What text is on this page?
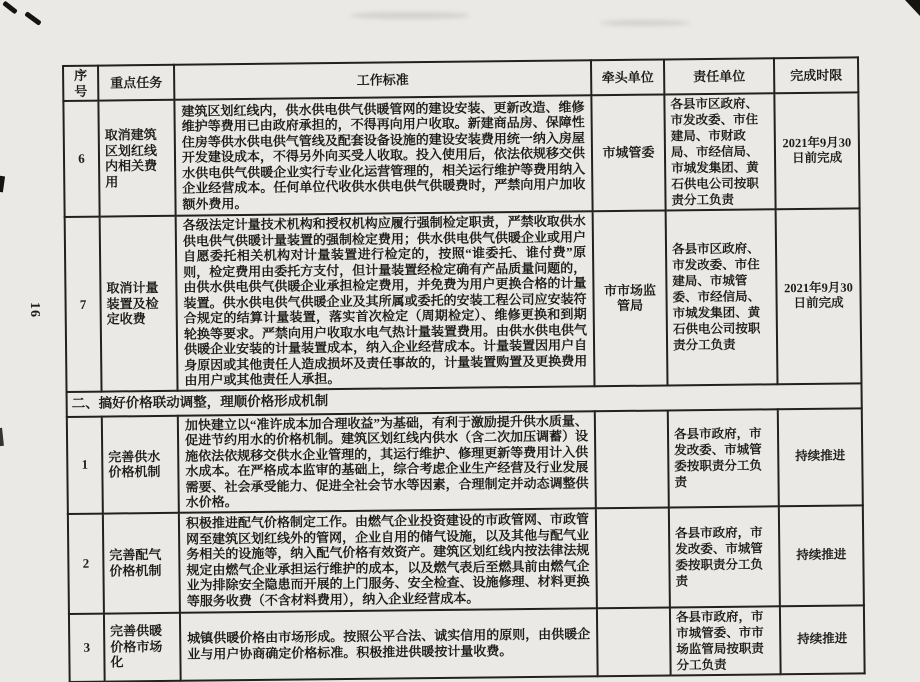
16
序号	重点任务	工作标准	牵头单位	责任单位	完成时限
6	取消建筑区划红线内相关费用	建筑区划红线内，供水供电供气供暖管网的建设安装、更新改造、维修维护等费用已由政府承担的，不得再向用户收取。新建商品房、保障性住房等供水供电供气管线及配套设备设施的建设安装费用统一纳入房屋开发建设成本，不得另外向买受人收取。投入使用后，依法依规移交供水供电供气供暖企业实行专业化运营管理的，相关运行维护等费用纳入企业经营成本。任何单位代收供水供电供气供暖费时，严禁向用户加收额外费用。	市城管委	各县市区政府、市发改委、市住建局、市财政局、市经信局、市城发集团、黄石供电公司按职责分工负责	2021年9月30日前完成
7	取消计量装置及检定收费	各级法定计量技术机构和授权机构应履行强制检定职责，严禁收取供水供电供气供暖计量装置的强制检定费用；供水供电供气供暖企业或用户自愿委托相关机构对计量装置进行检定的，按照“谁委托、谁付费”原则，检定费用由委托方支付，但计量装置经检定确有产品质量问题的，由供水供电供气供暖企业承担检定费用，并免费为用户更换合格的计量装置。供水供电供气供暖企业及其所属或委托的安装工程公司应安装符合规定的结算计量装置，落实首次检定（周期检定）、维修更换和到期轮换等要求。严禁向用户收取水电气热计量装置费用。由供水供电供气供暖企业安装的计量装置成本，纳入企业经营成本。计量装置因用户自身原因或其他责任人造成损坏及责任事故的，计量装置购置及更换费用由用户或其他责任人承担。	市市场监管局	各县市区政府、市发改委、市住建局、市城管委、市经信局、市城发集团、黄石供电公司按职责分工负责	2021年9月30日前完成
二、搞好价格联动调整，理顺价格形成机制					
1	完善供水价格机制	加快建立以“准许成本加合理收益”为基础，有利于激励提升供水质量、促进节约用水的价格机制。建筑区划红线内供水（含二次加压调蓄）设施依法依规移交供水企业管理的，其运行维护、修理更新等费用计入供水成本。在严格成本监审的基础上，综合考虑企业生产经营及行业发展需要、社会承受能力、促进全社会节水等因素，合理制定并动态调整供水价格。		各县市政府，市发改委、市城管委按职责分工负责	持续推进
2	完善配气价格机制	积极推进配气价格制定工作。由燃气企业投资建设的市政管网、市政管网至建筑区划红线外的管网，企业自用的储气设施，以及其他与配气业务相关的设施等，纳入配气价格有效资产。建筑区划红线内按法律法规规定由燃气企业承担运行维护的成本，以及燃气表后至燃具前由燃气企业为排除安全隐患而开展的上门服务、安全检查、设施修理、材料更换等服务收费（不含材料费用），纳入企业经营成本。		各县市政府，市发改委、市城管委按职责分工负责	持续推进
3	完善供暖价格市场化	城镇供暖价格由市场形成。按照公平合法、诚实信用的原则，由供暖企业与用户协商确定价格标准。积极推进供暖按计量收费。		各县市政府，市市城管委、市市场监管局按职责分工负责	持续推进
